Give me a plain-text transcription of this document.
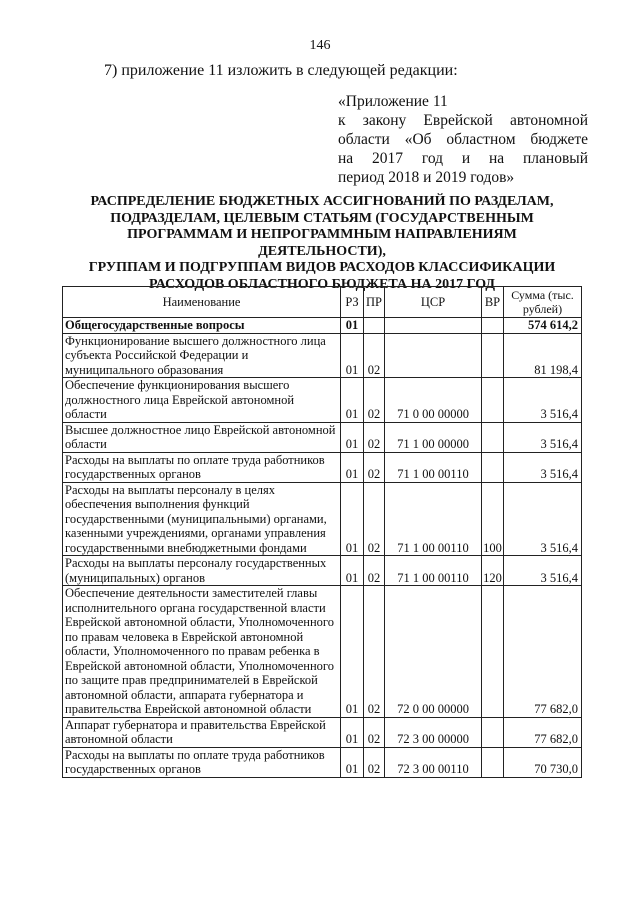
146
7) приложение 11 изложить в следующей редакции:
«Приложение 11
к закону Еврейской автономной
области «Об областном бюджете
на 2017 год и на плановый
период 2018 и 2019 годов»
РАСПРЕДЕЛЕНИЕ БЮДЖЕТНЫХ АССИГНОВАНИЙ ПО РАЗДЕЛАМ,
ПОДРАЗДЕЛАМ, ЦЕЛЕВЫМ СТАТЬЯМ (ГОСУДАРСТВЕННЫМ
ПРОГРАММАМ И НЕПРОГРАММНЫМ НАПРАВЛЕНИЯМ ДЕЯТЕЛЬНОСТИ),
ГРУППАМ И ПОДГРУППАМ ВИДОВ РАСХОДОВ КЛАССИФИКАЦИИ
РАСХОДОВ ОБЛАСТНОГО БЮДЖЕТА НА 2017 ГОД
Наименование	РЗ	ПР	ЦСР	ВР	Сумма (тыс. рублей)
Общегосударственные вопросы	01				574 614,2
Функционирование высшего должностного лица субъекта Российской Федерации и муниципального образования	01	02			81 198,4
Обеспечение функционирования высшего должностного лица Еврейской автономной области	01	02	71 0 00 00000		3 516,4
Высшее должностное лицо Еврейской автономной области	01	02	71 1 00 00000		3 516,4
Расходы на выплаты по оплате труда работников государственных органов	01	02	71 1 00 00110		3 516,4
Расходы на выплаты персоналу в целях обеспечения выполнения функций государственными (муниципальными) органами, казенными учреждениями, органами управления государственными внебюджетными фондами	01	02	71 1 00 00110	100	3 516,4
Расходы на выплаты персоналу государственных (муниципальных) органов	01	02	71 1 00 00110	120	3 516,4
Обеспечение деятельности заместителей главы исполнительного органа государственной власти Еврейской автономной области, Уполномоченного по правам человека в Еврейской автономной области, Уполномоченного по правам ребенка в Еврейской автономной области, Уполномоченного по защите прав предпринимателей в Еврейской автономной области, аппарата губернатора и правительства Еврейской автономной области	01	02	72 0 00 00000		77 682,0
Аппарат губернатора и правительства Еврейской автономной области	01	02	72 3 00 00000		77 682,0
Расходы на выплаты по оплате труда работников государственных органов	01	02	72 3 00 00110		70 730,0
